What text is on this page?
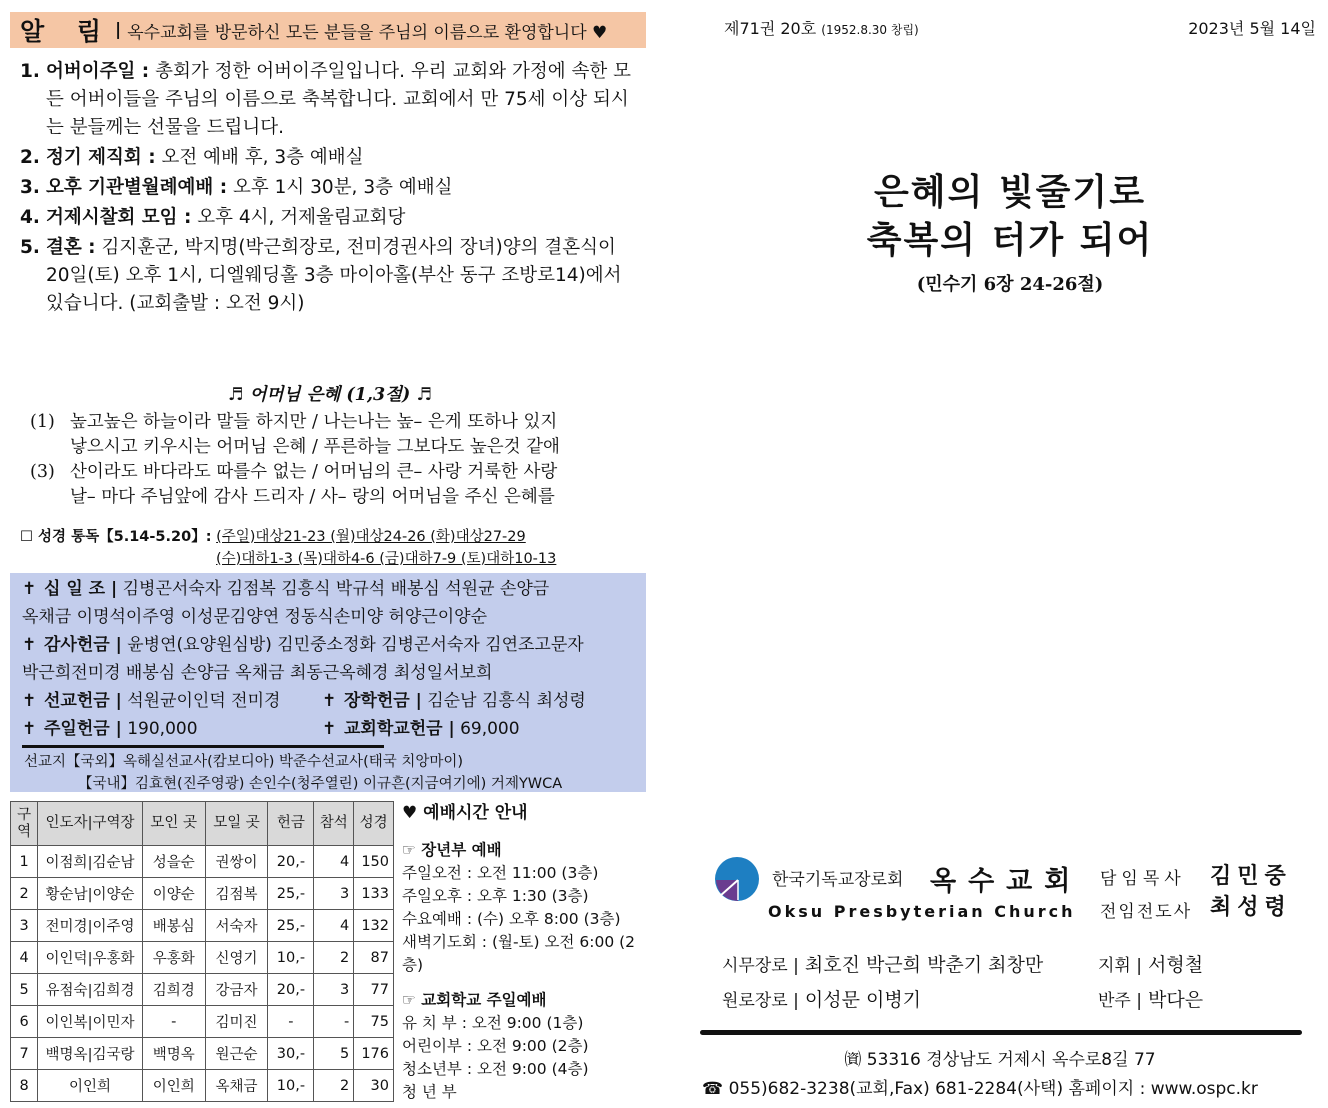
알 림 | 옥수교회를 방문하신 모든 분들을 주님의 이름으로 환영합니다 ♥
1. 어버이주일 : 총회가 정한 어버이주일입니다. 우리 교회와 가정에 속한 모든 어버이들을 주님의 이름으로 축복합니다. 교회에서 만 75세 이상 되시는 분들께는 선물을 드립니다.
2. 정기 제직회 : 오전 예배 후, 3층 예배실
3. 오후 기관별월례예배 : 오후 1시 30분, 3층 예배실
4. 거제시찰회 모임 : 오후 4시, 거제울림교회당
5. 결혼 : 김지훈군, 박지명(박근희장로, 전미경권사의 장녀)양의 결혼식이 20일(토) 오후 1시, 디엘웨딩홀 3층 마이아홀(부산 동구 조방로14)에서 있습니다. (교회출발 : 오전 9시)
♬ 어머님 은혜 (1,3절) ♬
(1) 높고높은 하늘이라 말들 하지만 / 나는나는 높– 은게 또하나 있지
낳으시고 키우시는 어머님 은혜 / 푸른하늘 그보다도 높은것 같애
(3) 산이라도 바다라도 따를수 없는 / 어머님의 큰– 사랑 거룩한 사랑
날– 마다 주님앞에 감사 드리자 / 사– 랑의 어머님을 주신 은혜를
☐ 성경 통독【5.14-5.20】: (주일)대상21-23 (월)대상24-26 (화)대상27-29
(수)대하1-3 (목)대하4-6 (금)대하7-9 (토)대하10-13
✝ 십 일 조 | 김병곤서숙자 김점복 김흥식 박규석 배봉심 석원균 손양금
옥채금 이명석이주영 이성문김양연 정동식손미양 허양근이양순
✝ 감사헌금 | 윤병연(요양원심방) 김민중소정화 김병곤서숙자 김연조고문자
박근희전미경 배봉심 손양금 옥채금 최동근옥혜경 최성일서보희
✝ 선교헌금 | 석원균이인덕 전미경 ✝ 장학헌금 | 김순남 김흥식 최성령
✝ 주일헌금 | 190,000	✝ 교회학교헌금 | 69,000
선교지【국외】옥해실선교사(캄보디아) 박준수선교사(태국 치앙마이)
【국내】김효현(진주영광) 손인수(청주열린) 이규흔(지금여기에) 거제YWCA
구역	인도자|구역장	모인 곳	모일 곳	헌금	참석	성경
1	이점희|김순남	성을순	권쌍이	20,-	4	150
2	황순남|이양순	이양순	김점복	25,-	3	133
3	전미경|이주영	배봉심	서숙자	25,-	4	132
4	이인덕|우홍화	우홍화	신영기	10,-	2	87
5	유점숙|김희경	김희경	강금자	20,-	3	77
6	이인복|이민자	-	김미진	-	-	75
7	백명옥|김국랑	백명옥	원근순	30,-	5	176
8	이인희	이인희	옥채금	10,-	2	30
♥ 예배시간 안내
☞ 장년부 예배
주일오전 : 오전 11:00 (3층)
주일오후 : 오후 1:30 (3층)
수요예배 : (수) 오후 8:00 (3층)
새벽기도회 : (월-토) 오전 6:00 (2층)
☞ 교회학교 주일예배
유 치 부 : 오전 9:00 (1층)
어린이부 : 오전 9:00 (2층)
청소년부 : 오전 9:00 (4층)
청 년 부
제71권 20호 (1952.8.30 창립)	2023년 5월 14일
은혜의 빛줄기로
축복의 터가 되어
(민수기 6장 24-26절)
한국기독교장로회 옥수교회
Oksu Presbyterian Church
담임목사 김민중
전임전도사 최성령
시무장로 | 최호진 박근희 박춘기 최창만
원로장로 | 이성문 이병기
지휘 | 서형철
반주 | 박다은
㈾ 53316 경상남도 거제시 옥수로8길 77
☎ 055)682-3238(교회,Fax) 681-2284(사택) 홈페이지 : www.ospc.kr
